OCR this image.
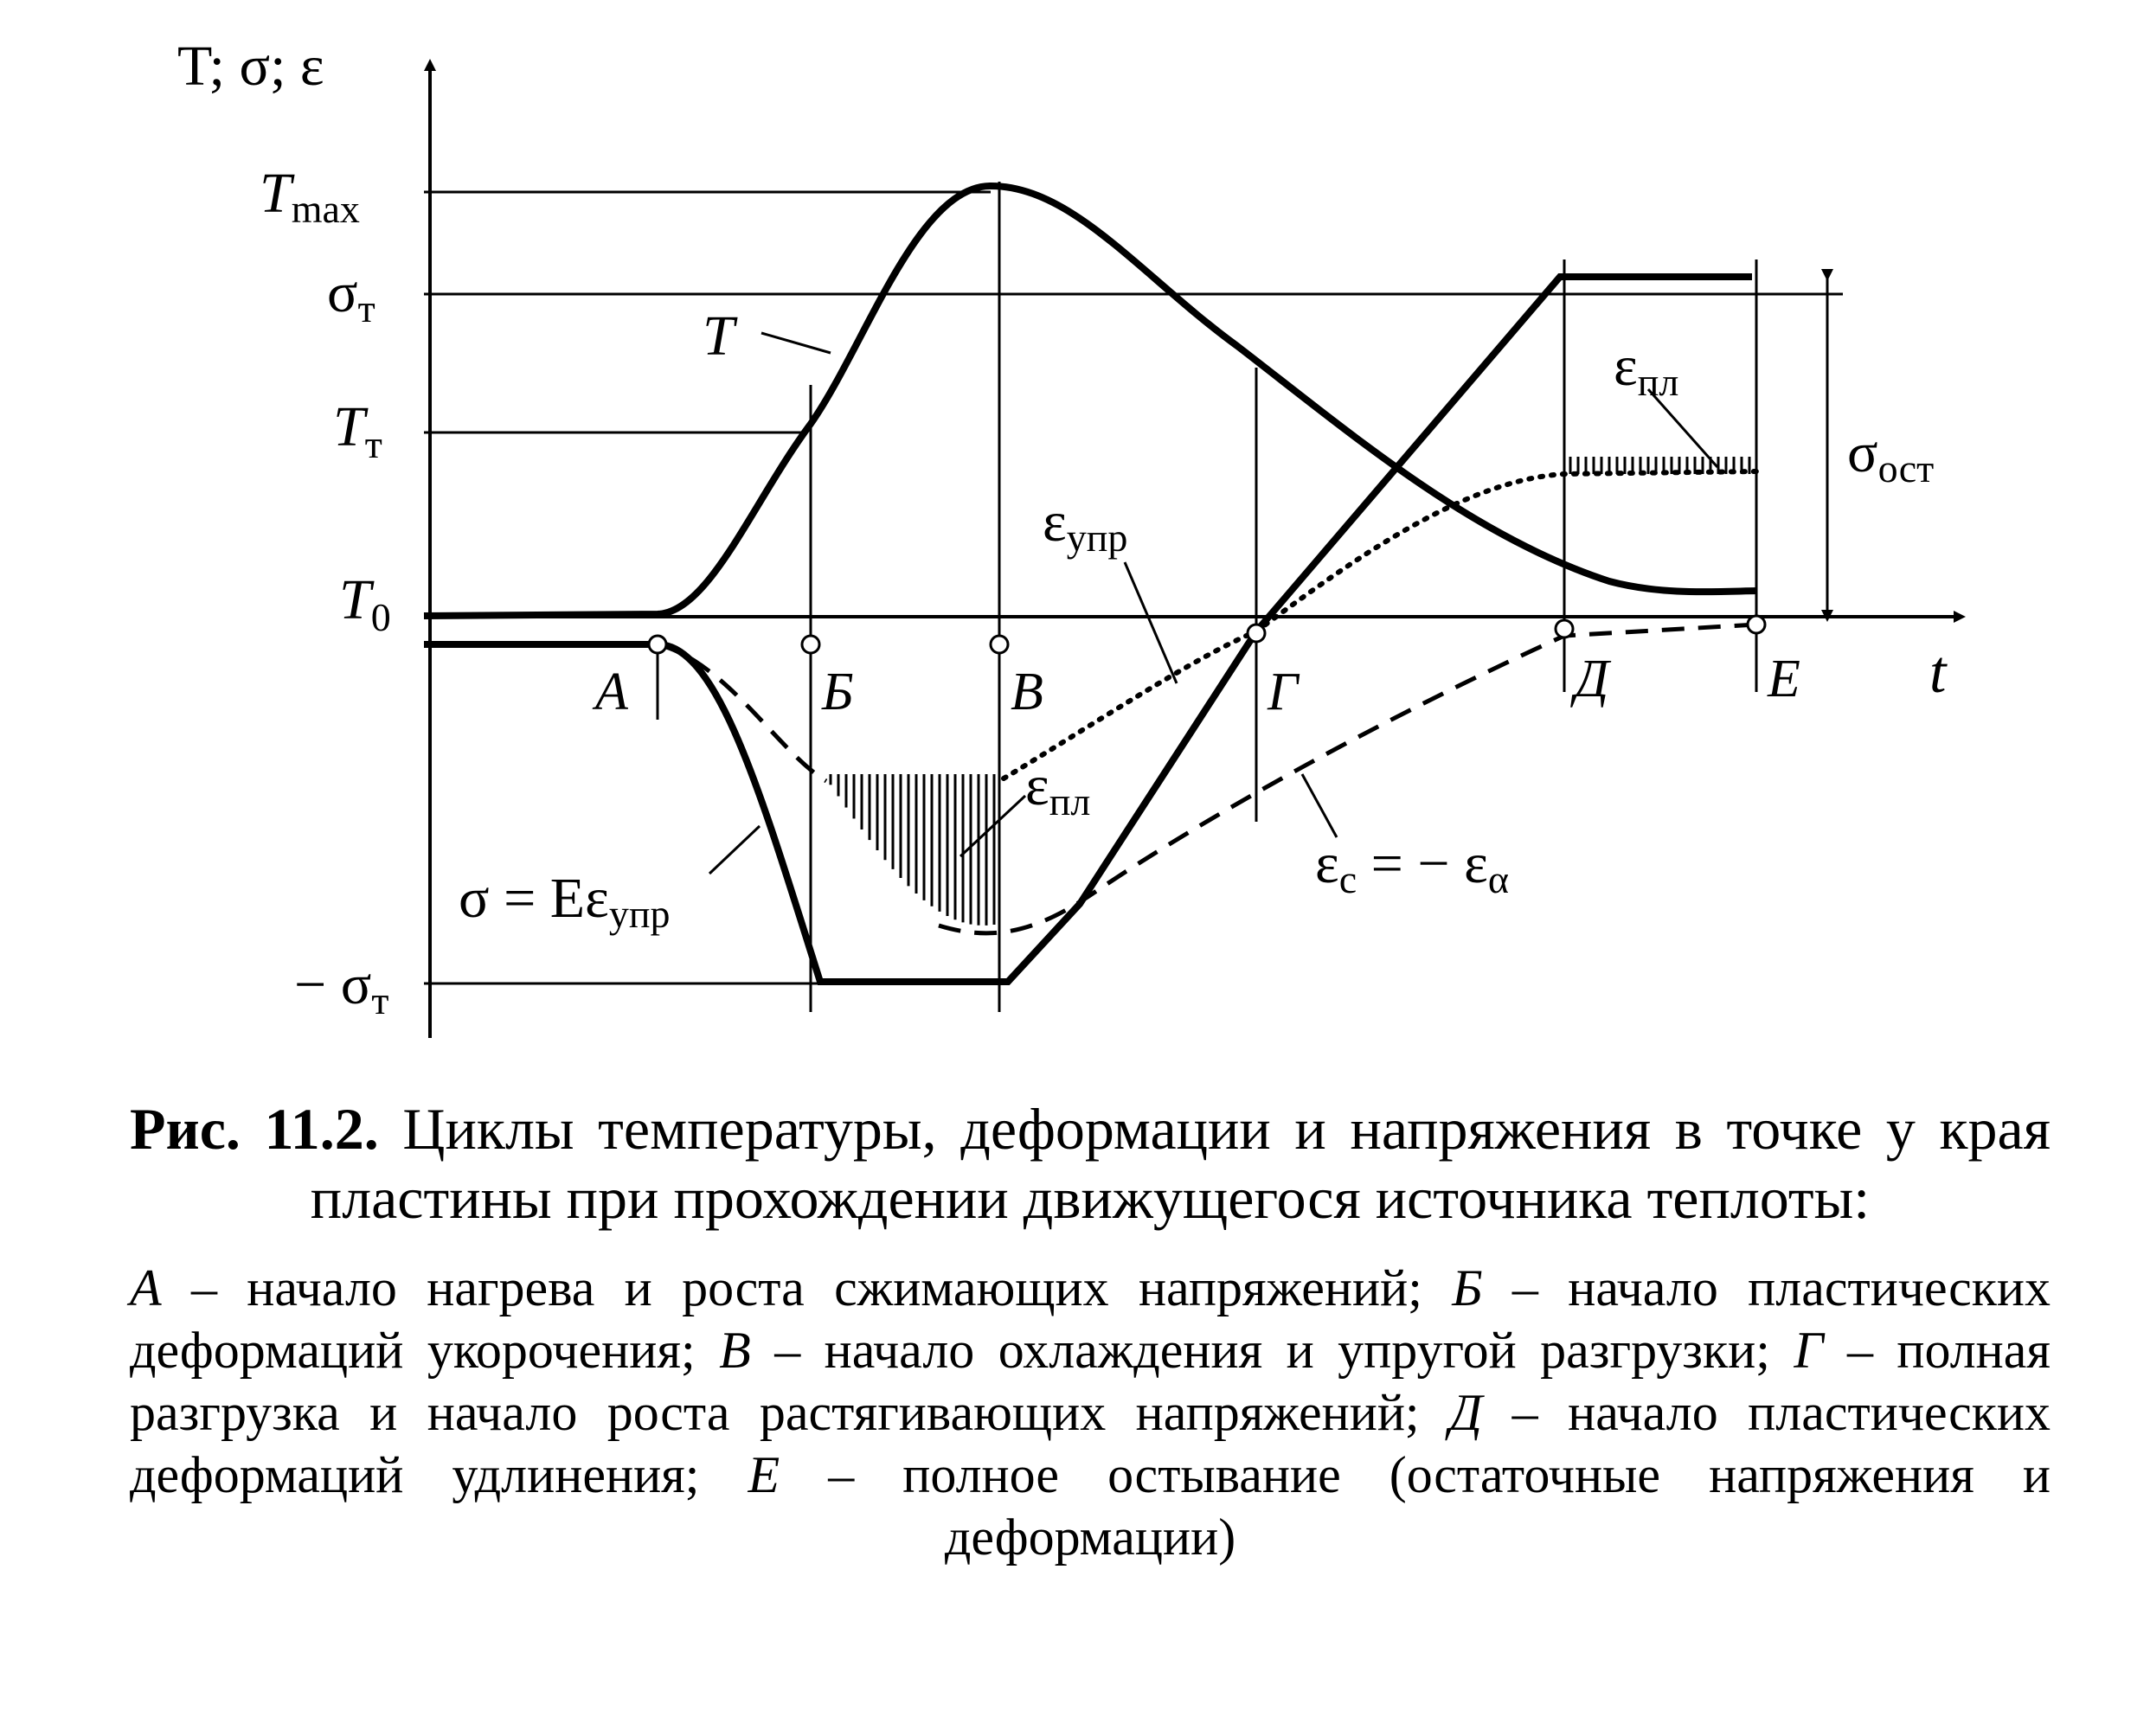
T; σ; ε
t
Tmax
σт
$T_т$
$T_0$
− σт
А	Б	В	Г	Д	Е
T
εупр
εпл
εпл
σ = Eεупр
εc = − εα
σост

Рис. 11.2. Циклы температуры, деформации и напряжения в точке у края пластины при прохождении движущегося источника теплоты:

А – начало нагрева и роста сжимающих напряжений; Б – начало пластических деформаций укорочения; В – начало охлаждения и упругой разгрузки; Г – полная разгрузка и начало роста растягивающих напряжений; Д – начало пластических деформаций удлинения; Е – полное остывание (остаточные напряжения и деформации)
